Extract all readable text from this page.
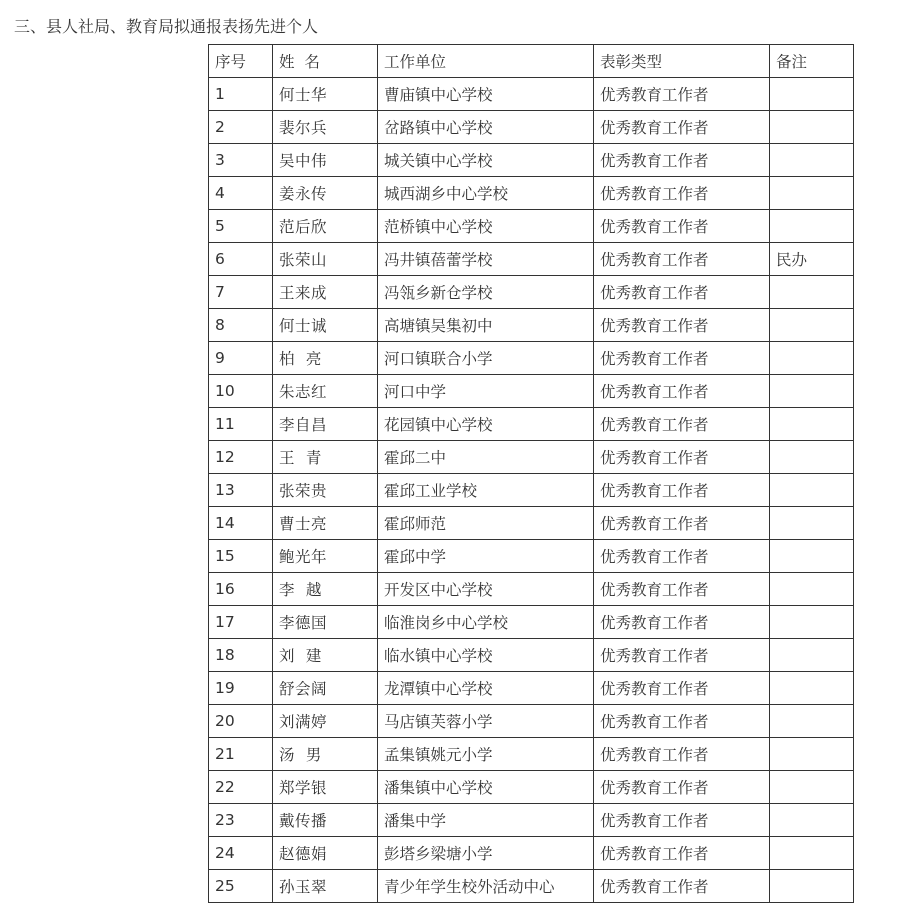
三、县人社局、教育局拟通报表扬先进个人
序号	姓  名	工作单位	表彰类型	备注
1	何士华	曹庙镇中心学校	优秀教育工作者	
2	裴尔兵	岔路镇中心学校	优秀教育工作者	
3	吴中伟	城关镇中心学校	优秀教育工作者	
4	姜永传	城西湖乡中心学校	优秀教育工作者	
5	范后欣	范桥镇中心学校	优秀教育工作者	
6	张荣山	冯井镇蓓蕾学校	优秀教育工作者	民办
7	王来成	冯瓴乡新仓学校	优秀教育工作者	
8	何士诚	高塘镇吴集初中	优秀教育工作者	
9	柏  亮	河口镇联合小学	优秀教育工作者	
10	朱志红	河口中学	优秀教育工作者	
11	李自昌	花园镇中心学校	优秀教育工作者	
12	王  青	霍邱二中	优秀教育工作者	
13	张荣贵	霍邱工业学校	优秀教育工作者	
14	曹士亮	霍邱师范	优秀教育工作者	
15	鲍光年	霍邱中学	优秀教育工作者	
16	李  越	开发区中心学校	优秀教育工作者	
17	李德国	临淮岗乡中心学校	优秀教育工作者	
18	刘  建	临水镇中心学校	优秀教育工作者	
19	舒会阔	龙潭镇中心学校	优秀教育工作者	
20	刘满婷	马店镇芙蓉小学	优秀教育工作者	
21	汤  男	孟集镇姚元小学	优秀教育工作者	
22	郑学银	潘集镇中心学校	优秀教育工作者	
23	戴传播	潘集中学	优秀教育工作者	
24	赵德娟	彭塔乡梁塘小学	优秀教育工作者	
25	孙玉翠	青少年学生校外活动中心	优秀教育工作者	
